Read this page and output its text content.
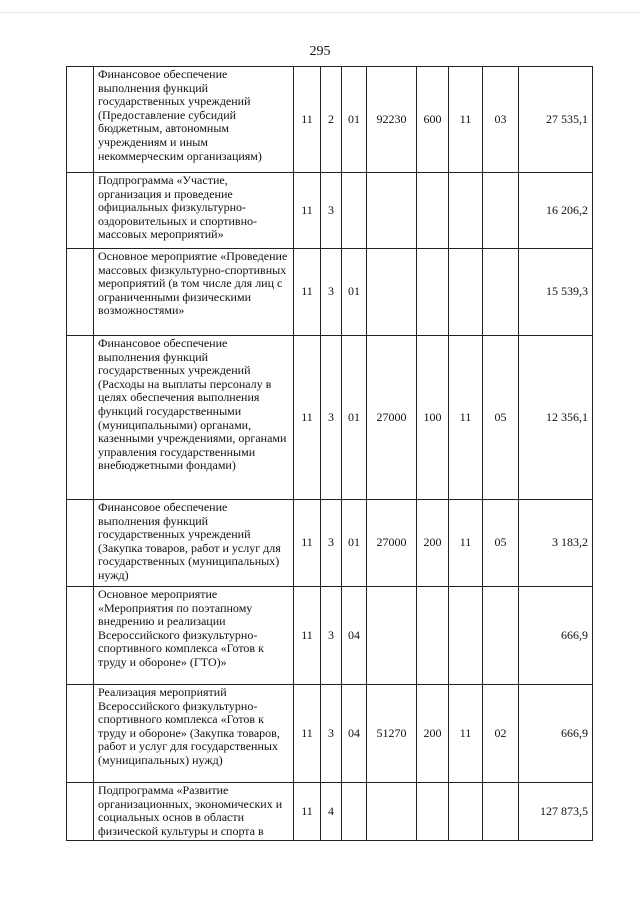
295
	Финансовое обеспечение выполнения функций государственных учреждений (Предоставление субсидий бюджетным, автономным учреждениям и иным некоммерческим организациям)	11	2	01	92230	600	11	03	27 535,1
	Подпрограмма «Участие, организация и проведение официальных физкультурно-оздоровительных и спортивно-массовых мероприятий»	11	3						16 206,2
	Основное мероприятие «Проведение массовых физкультурно-спортивных мероприятий (в том числе для лиц с ограниченными физическими возможностями»	11	3	01					15 539,3
	Финансовое обеспечение выполнения функций государственных учреждений (Расходы на выплаты персоналу в целях обеспечения выполнения функций государственными (муниципальными) органами, казенными учреждениями, органами управления государственными внебюджетными фондами)	11	3	01	27000	100	11	05	12 356,1
	Финансовое обеспечение выполнения функций государственных учреждений (Закупка товаров, работ и услуг для государственных (муниципальных) нужд)	11	3	01	27000	200	11	05	3 183,2
	Основное мероприятие «Мероприятия по поэтапному внедрению и реализации Всероссийского физкультурно-спортивного комплекса «Готов к труду и обороне» (ГТО)»	11	3	04					666,9
	Реализация мероприятий Всероссийского физкультурно-спортивного комплекса «Готов к труду и обороне» (Закупка товаров, работ и услуг для государственных (муниципальных) нужд)	11	3	04	51270	200	11	02	666,9
	Подпрограмма «Развитие организационных, экономических и социальных основ в области физической культуры и спорта в	11	4						127 873,5
